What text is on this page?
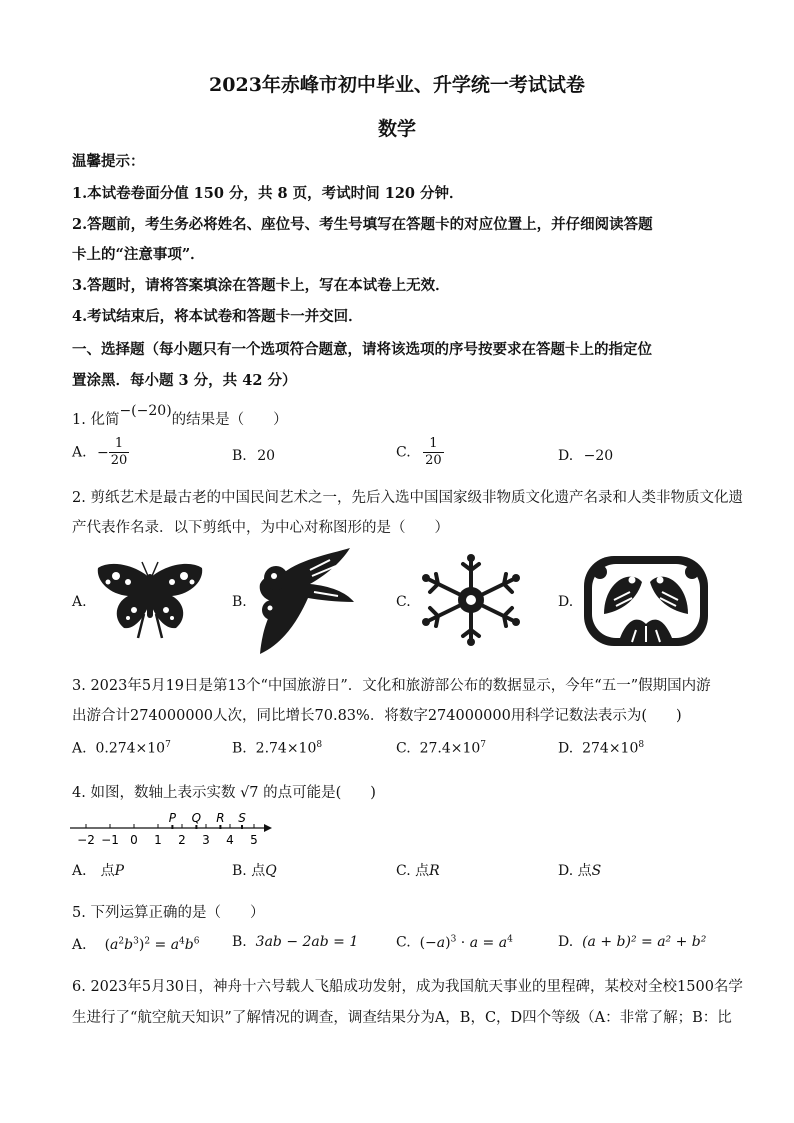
2023年赤峰市初中毕业、升学统一考试试卷
数学
温馨提示：
1.本试卷卷面分值 150 分，共 8 页，考试时间 120 分钟．
2.答题前，考生务必将姓名、座位号、考生号填写在答题卡的对应位置上，并仔细阅读答题
卡上的“注意事项”．
3.答题时，请将答案填涂在答题卡上，写在本试卷上无效．
4.考试结束后，将本试卷和答题卡一并交回．
一、选择题（每小题只有一个选项符合题意，请将该选项的序号按要求在答题卡上的指定位
置涂黑．每小题 3 分，共 42 分）
1. 化简−(−20)的结果是（　　）
A. − $\frac{1}{20}$	B. 20	C. $\frac{1}{20}$	D. −20
2. 剪纸艺术是最古老的中国民间艺术之一，先后入选中国国家级非物质文化遗产名录和人类非物质文化遗
产代表作名录．以下剪纸中，为中心对称图形的是（　　）
A.	B.	C.	D.
3. 2023年5月19日是第13个“中国旅游日”．文化和旅游部公布的数据显示，今年“五一”假期国内游
出游合计274000000人次，同比增长70.83%．将数字274000000用科学记数法表示为(　　)
A. $0.274\times 10^7$	B. $2.74\times 10^8$	C. $27.4\times 10^7$	D. $274\times 10^8$
4. 如图，数轴上表示实数 √7 的点可能是(　　)
−2 −1 0 1 2 3 4 5
P Q R S
A． 点P	B. 点Q	C. 点R	D. 点S
5. 下列运算正确的是（　　）
A． $(a^2b^3)^2 = a^4b^6$ B. 3ab − 2ab = 1	C. $(-a)^3 \cdot a = a^4$	D. (a + b)² = a² + b²
6. 2023年5月30日，神舟十六号载人飞船成功发射，成为我国航天事业的里程碑，某校对全校1500名学
生进行了“航空航天知识”了解情况的调查，调查结果分为A，B，C，D四个等级（A：非常了解；B：比
